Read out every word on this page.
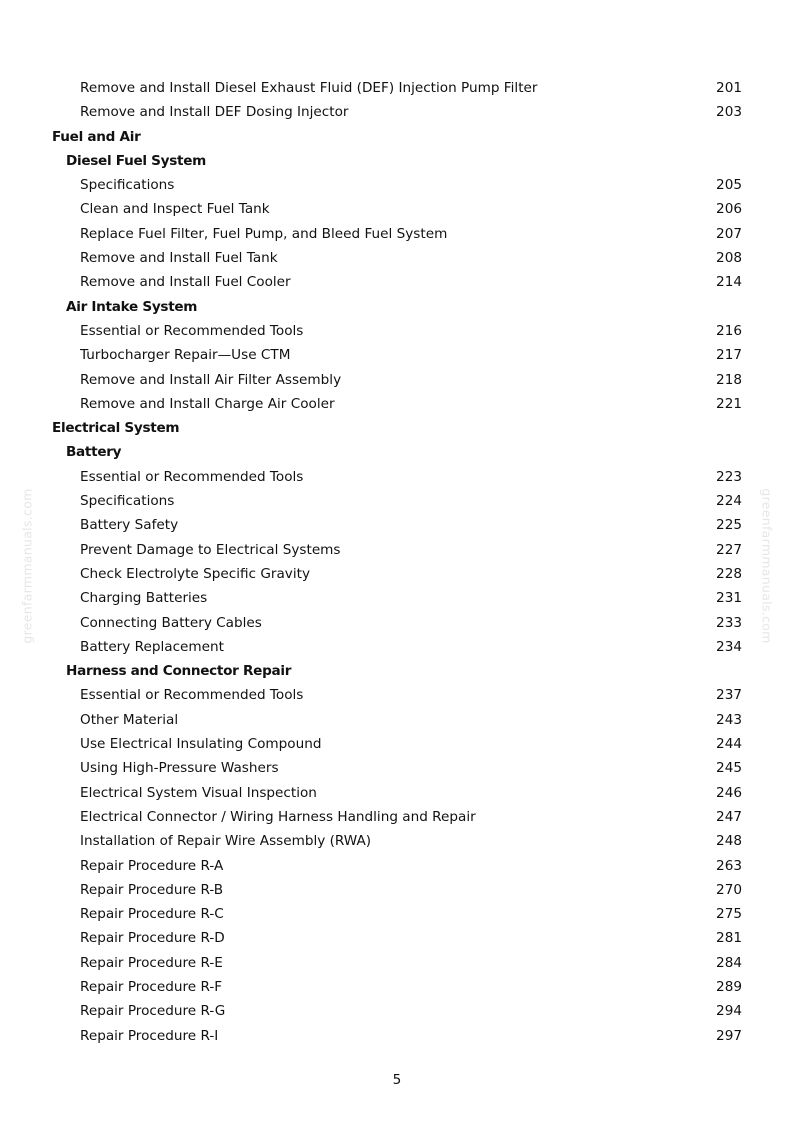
Remove and Install Diesel Exhaust Fluid (DEF) Injection Pump Filter	201
Remove and Install DEF Dosing Injector	203
Fuel and Air
Diesel Fuel System
Specifications	205
Clean and Inspect Fuel Tank	206
Replace Fuel Filter, Fuel Pump, and Bleed Fuel System	207
Remove and Install Fuel Tank	208
Remove and Install Fuel Cooler	214
Air Intake System
Essential or Recommended Tools	216
Turbocharger Repair—Use CTM	217
Remove and Install Air Filter Assembly	218
Remove and Install Charge Air Cooler	221
Electrical System
Battery
Essential or Recommended Tools	223
Specifications	224
Battery Safety	225
Prevent Damage to Electrical Systems	227
Check Electrolyte Specific Gravity	228
Charging Batteries	231
Connecting Battery Cables	233
Battery Replacement	234
Harness and Connector Repair
Essential or Recommended Tools	237
Other Material	243
Use Electrical Insulating Compound	244
Using High-Pressure Washers	245
Electrical System Visual Inspection	246
Electrical Connector / Wiring Harness Handling and Repair	247
Installation of Repair Wire Assembly (RWA)	248
Repair Procedure R-A	263
Repair Procedure R-B	270
Repair Procedure R-C	275
Repair Procedure R-D	281
Repair Procedure R-E	284
Repair Procedure R-F	289
Repair Procedure R-G	294
Repair Procedure R-I	297
5
greenfarmmanuals.com	greenfarmmanuals.com
